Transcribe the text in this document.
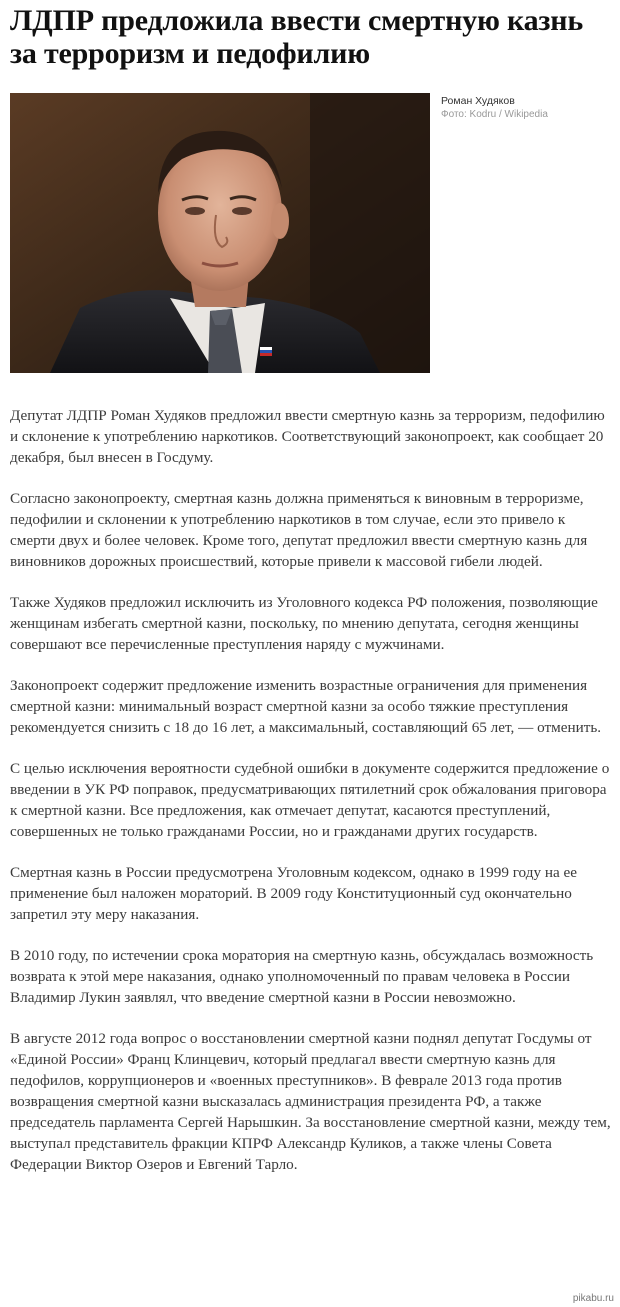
ЛДПР предложила ввести смертную казнь за терроризм и педофилию
Роман Худяков
Фото: Kodru / Wikipedia

Депутат ЛДПР Роман Худяков предложил ввести смертную казнь за терроризм, педофилию и склонение к употреблению наркотиков. Соответствующий законопроект, как сообщает 20 декабря, был внесен в Госдуму.

Согласно законопроекту, смертная казнь должна применяться к виновным в терроризме, педофилии и склонении к употреблению наркотиков в том случае, если это привело к смерти двух и более человек. Кроме того, депутат предложил ввести смертную казнь для виновников дорожных происшествий, которые привели к массовой гибели людей.

Также Худяков предложил исключить из Уголовного кодекса РФ положения, позволяющие женщинам избегать смертной казни, поскольку, по мнению депутата, сегодня женщины совершают все перечисленные преступления наряду с мужчинами.

Законопроект содержит предложение изменить возрастные ограничения для применения смертной казни: минимальный возраст смертной казни за особо тяжкие преступления рекомендуется снизить с 18 до 16 лет, а максимальный, составляющий 65 лет, — отменить.

С целью исключения вероятности судебной ошибки в документе содержится предложение о введении в УК РФ поправок, предусматривающих пятилетний срок обжалования приговора к смертной казни. Все предложения, как отмечает депутат, касаются преступлений, совершенных не только гражданами России, но и гражданами других государств.

Смертная казнь в России предусмотрена Уголовным кодексом, однако в 1999 году на ее применение был наложен мораторий. В 2009 году Конституционный суд окончательно запретил эту меру наказания.

В 2010 году, по истечении срока моратория на смертную казнь, обсуждалась возможность возврата к этой мере наказания, однако уполномоченный по правам человека в России Владимир Лукин заявлял, что введение смертной казни в России невозможно.

В августе 2012 года вопрос о восстановлении смертной казни поднял депутат Госдумы от «Единой России» Франц Клинцевич, который предлагал ввести смертную казнь для педофилов, коррупционеров и «военных преступников». В феврале 2013 года против возвращения смертной казни высказалась администрация президента РФ, а также председатель парламента Сергей Нарышкин. За восстановление смертной казни, между тем, выступал представитель фракции КПРФ Александр Куликов, а также члены Совета Федерации Виктор Озеров и Евгений Тарло.

pikabu.ru
